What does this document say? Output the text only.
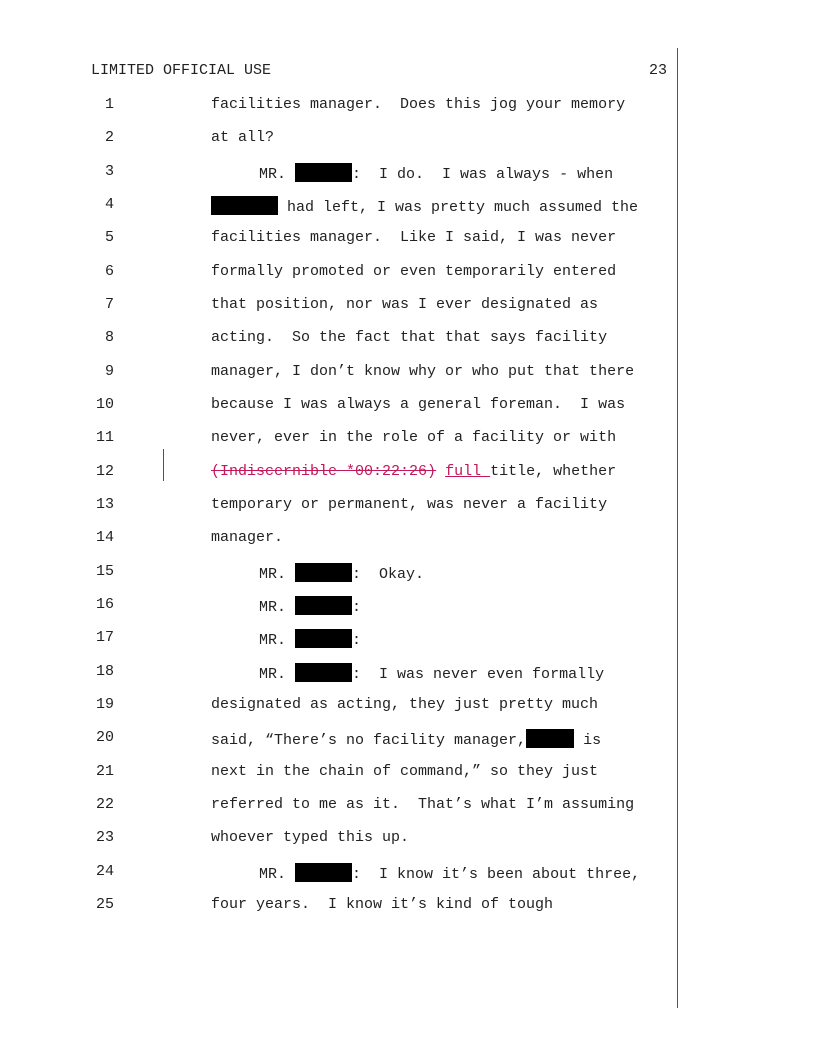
LIMITED OFFICIAL USE	23
1	facilities manager.  Does this jog your memory
2	at all?
3	MR.	:  I do.  I was always - when
4	had left, I was pretty much assumed the
5	facilities manager.  Like I said, I was never
6	formally promoted or even temporarily entered
7	that position, nor was I ever designated as
8	acting.  So the fact that that says facility
9	manager, I don’t know why or who put that there
10	because I was always a general foreman.  I was
11	never, ever in the role of a facility or with
12	(Indiscernible *00:22:26) full title, whether
13	temporary or permanent, was never a facility
14	manager.
15	MR.	:  Okay.
16	MR.	:
17	MR.	:
18	MR.	:  I was never even formally
19	designated as acting, they just pretty much
20	said, “There’s no facility manager,	is
21	next in the chain of command,” so they just
22	referred to me as it.  That’s what I’m assuming
23	whoever typed this up.
24	MR.	:  I know it’s been about three,
25	four years.  I know it’s kind of tough
